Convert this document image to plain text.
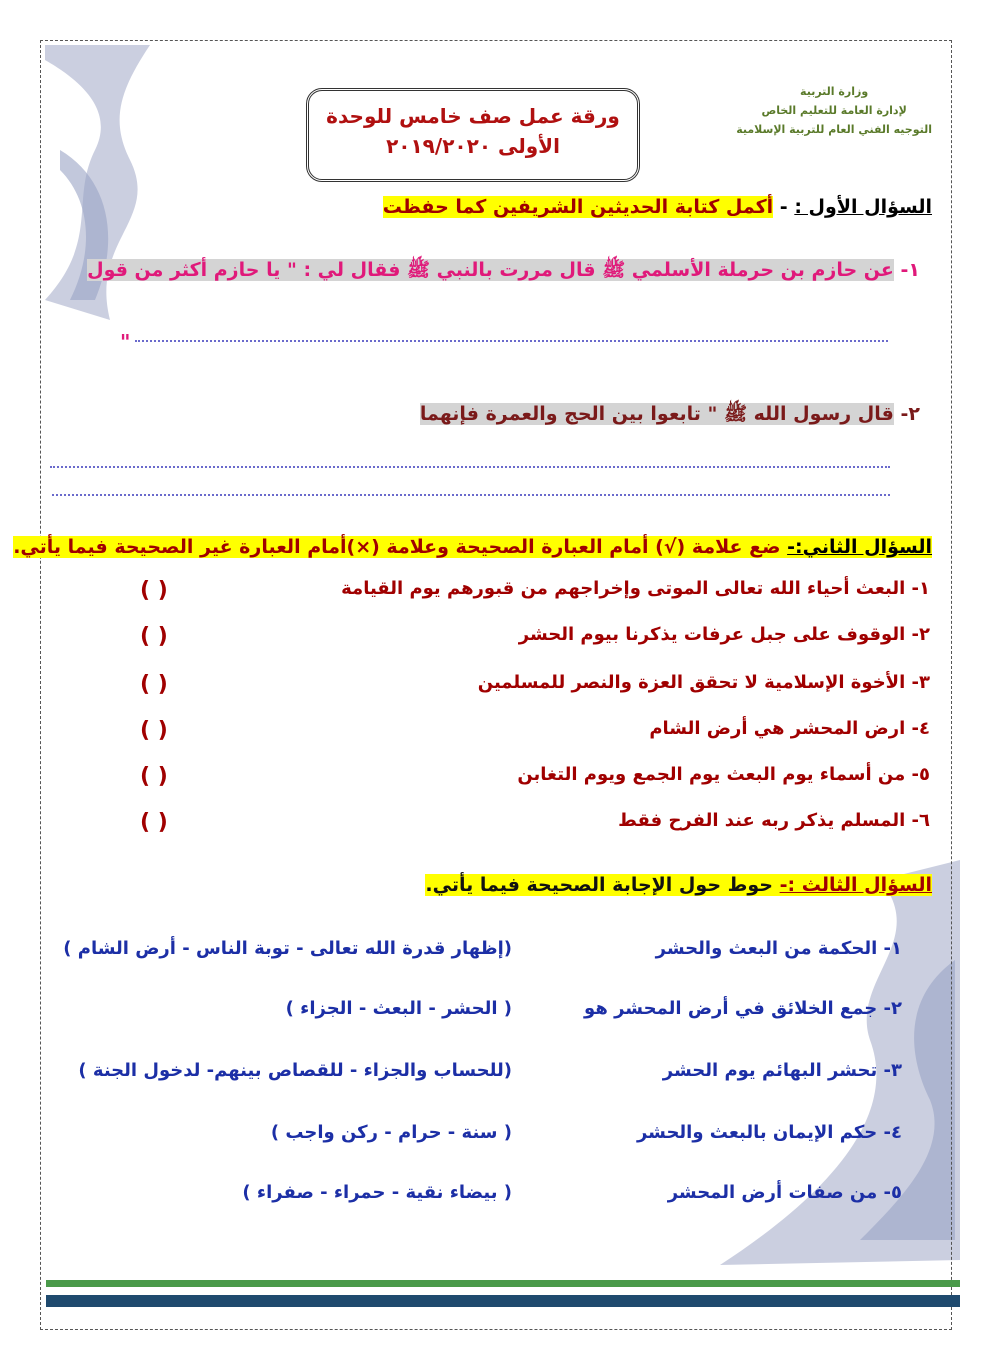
وزارة التربية
لإدارة العامة للتعليم الخاص
التوجيه الفني العام للتربية الإسلامية
ورقة عمل صف خامس للوحدة
الأولى ٢٠١٩/٢٠٢٠
السؤال الأول : - أكمل كتابة الحديثين الشريفين كما حفظت
١- عن حازم بن حرملة الأسلمي ﷺ قال مررت بالنبي ﷺ فقال لي : " يا حازم أكثر من قول
"
٢- قال رسول الله ﷺ " تابعوا بين الحج والعمرة فإنهما
السؤال الثاني:- ضع علامة (√) أمام العبارة الصحيحة وعلامة (×)أمام العبارة غير الصحيحة فيما يأتي.
١- البعث أحياء الله تعالى الموتى وإخراجهم من قبورهم يوم القيامة
( )
٢- الوقوف على جبل عرفات يذكرنا بيوم الحشر
( )
٣- الأخوة الإسلامية لا تحقق العزة والنصر للمسلمين
( )
٤- ارض المحشر هي أرض الشام
( )
٥- من أسماء يوم البعث يوم الجمع ويوم التغابن
( )
٦- المسلم يذكر ربه عند الفرح فقط
( )
السؤال الثالث :- حوط حول الإجابة الصحيحة فيما يأتي.
١- الحكمة من البعث والحشر
(إظهار قدرة الله تعالى - توبة الناس - أرض الشام )
٢- جمع الخلائق في أرض المحشر هو
( الحشر - البعث - الجزاء )
٣- تحشر البهائم يوم الحشر
(للحساب والجزاء - للقصاص بينهم- لدخول الجنة )
٤- حكم الإيمان بالبعث والحشر
( سنة - حرام - ركن واجب )
٥- من صفات أرض المحشر
( بيضاء نقية - حمراء - صفراء )
